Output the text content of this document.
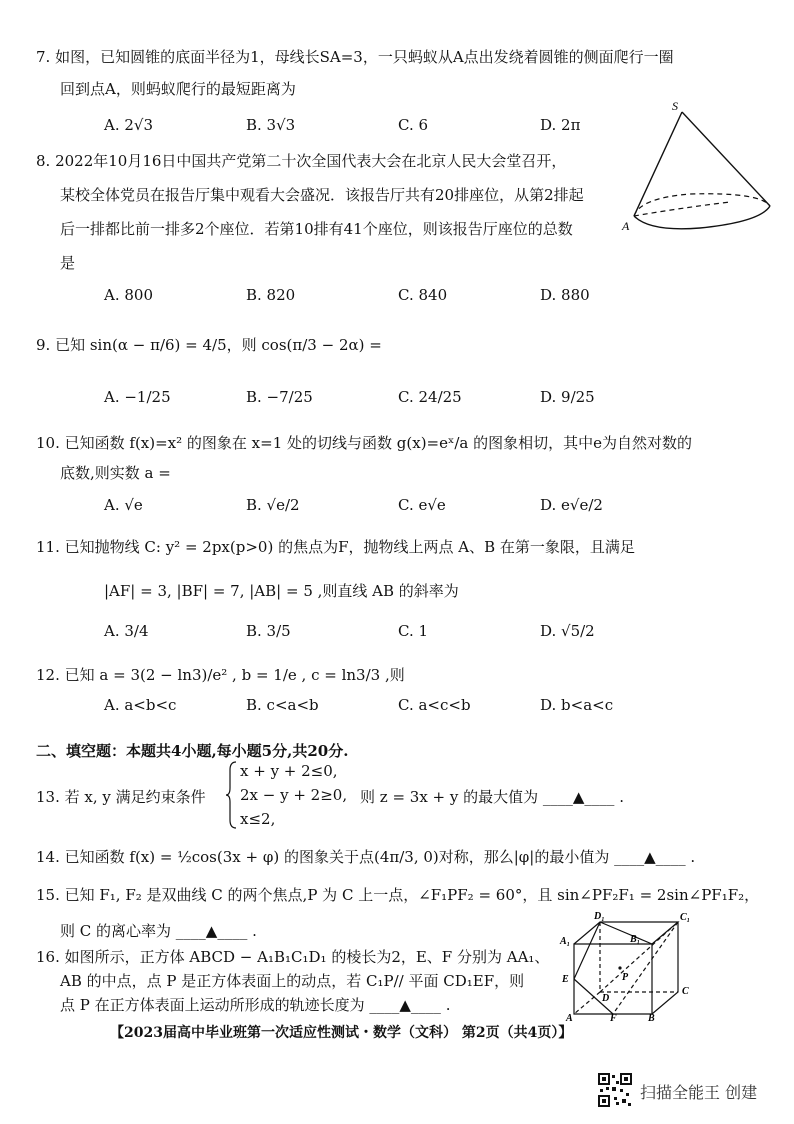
7. 如图，已知圆锥的底面半径为1，母线长SA=3，一只蚂蚁从A点出发绕着圆锥的侧面爬行一圈
回到点A，则蚂蚁爬行的最短距离为
A. 2√3	B. 3√3	C. 6	D. 2π
S
A
8. 2022年10月16日中国共产党第二十次全国代表大会在北京人民大会堂召开，
某校全体党员在报告厅集中观看大会盛况．该报告厅共有20排座位，从第2排起
后一排都比前一排多2个座位．若第10排有41个座位，则该报告厅座位的总数
是
A. 800	B. 820	C. 840	D. 880
9. 已知 sin(α − π/6) = 4/5，则 cos(π/3 − 2α) =
A. −1/25	B. −7/25	C. 24/25	D. 9/25
10. 已知函数 f(x)=x² 的图象在 x=1 处的切线与函数 g(x)=eˣ/a 的图象相切，其中e为自然对数的
底数,则实数 a =
A. √e	B. √e/2	C. e√e	D. e√e/2
11. 已知抛物线 C: y² = 2px(p>0) 的焦点为F，抛物线上两点 A、B 在第一象限，且满足
|AF| = 3, |BF| = 7, |AB| = 5 ,则直线 AB 的斜率为
A. 3/4	B. 3/5	C. 1	D. √5/2
12. 已知 a = 3(2 − ln3)/e² , b = 1/e , c = ln3/3 ,则
A. a<b<c	B. c<a<b	C. a<c<b	D. b<a<c
二、填空题：本题共4小题,每小题5分,共20分.
13. 若 x, y 满足约束条件
x + y + 2≤0,
2x − y + 2≥0,
x≤2,
则 z = 3x + y 的最大值为 ____▲____ .
14. 已知函数 f(x) = ½cos(3x + φ) 的图象关于点(4π/3, 0)对称，那么|φ|的最小值为 ____▲____ .
15. 已知 F₁, F₂ 是双曲线 C 的两个焦点,P 为 C 上一点，∠F₁PF₂ = 60°，且 sin∠PF₂F₁ = 2sin∠PF₁F₂，
则 C 的离心率为 ____▲____ .
16. 如图所示，正方体 ABCD − A₁B₁C₁D₁ 的棱长为2，E、F 分别为 AA₁、
AB 的中点，点 P 是正方体表面上的动点，若 C₁P// 平面 CD₁EF，则
点 P 在正方体表面上运动所形成的轨迹长度为 ____▲____ .
D₁	C₁
A₁	B₁
E	P
D
C
A	F	B
【2023届高中毕业班第一次适应性测试・数学（文科） 第2页（共4页）】
扫描全能王 创建
